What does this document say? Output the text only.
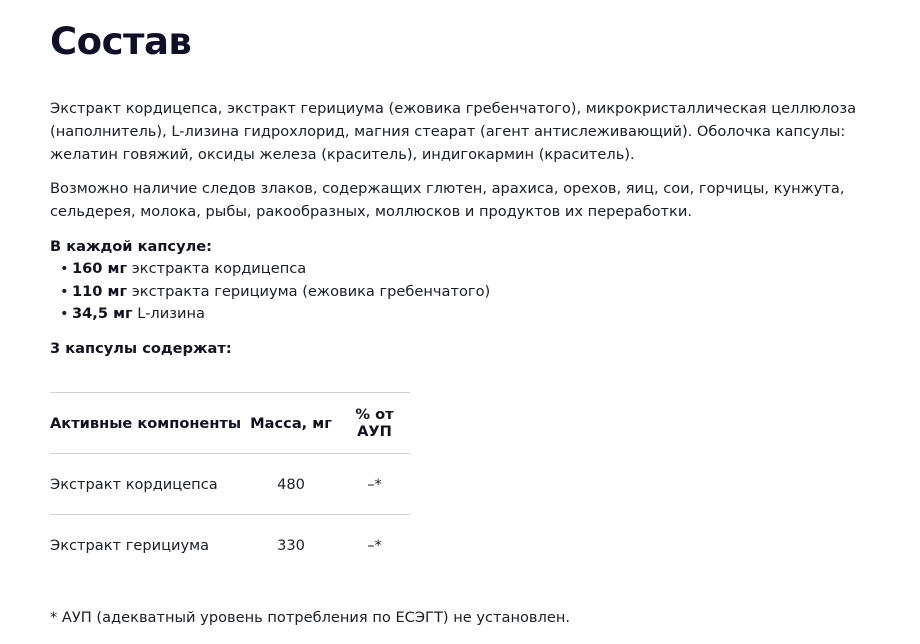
Состав

Экстракт кордицепса, экстракт герициума (ежовика гребенчатого), микрокристаллическая целлюлоза (наполнитель), L-лизина гидрохлорид, магния стеарат (агент антислеживающий). Оболочка капсулы: желатин говяжий, оксиды железа (краситель), индигокармин (краситель).

Возможно наличие следов злаков, содержащих глютен, арахиса, орехов, яиц, сои, горчицы, кунжута, сельдерея, молока, рыбы, ракообразных, моллюсков и продуктов их переработки.

В каждой капсуле:

• 160 мг экстракта кордицепса
• 110 мг экстракта герициума (ежовика гребенчатого)
• 34,5 мг L-лизина

3 капсулы содержат:

Активные компоненты	Масса, мг	% от АУП
Экстракт кордицепса	480	–*
Экстракт герициума	330	–*

* АУП (адекватный уровень потребления по ЕСЭГТ) не установлен.
